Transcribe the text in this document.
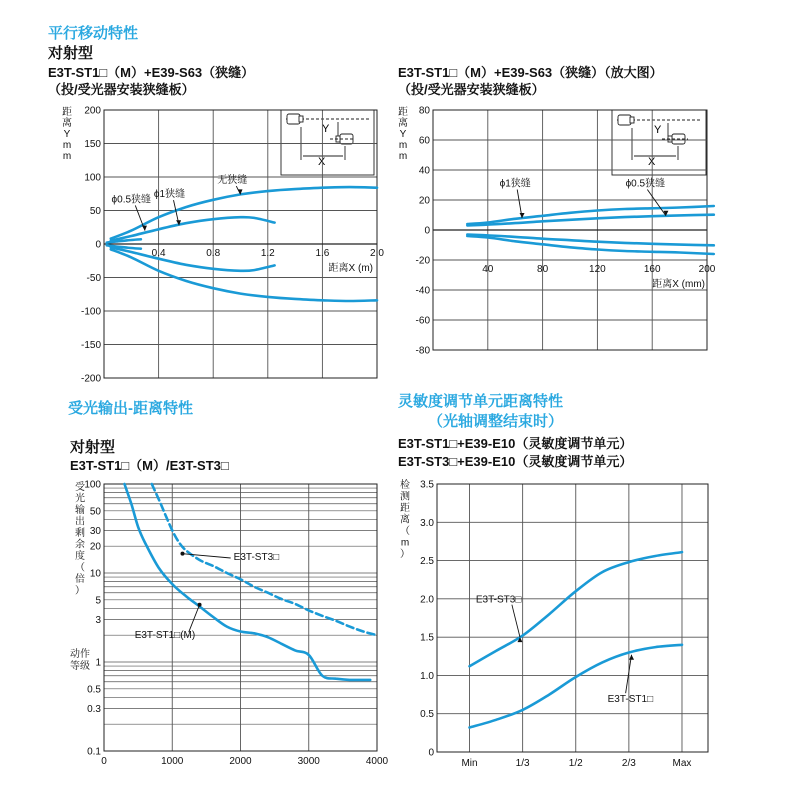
平行移动特性
对射型
E3T-ST1□（M）+E39-S63（狭缝）
（投/受光器安装狭缝板）
E3T-ST1□（M）+E39-S63（狭缝）（放大图）
（投/受光器安装狭缝板）
受光输出-距离特性
对射型
E3T-ST1□（M）/E3T-ST3□
灵敏度调节单元距离特性
（光轴调整结束时）
E3T-ST1□+E39-E10（灵敏度调节单元）
E3T-ST3□+E39-E10（灵敏度调节单元）
Y
X
Y
X
200
150
100
50
0
-50
-100
-150
-200
0.4	0.8	1.2	1.6	2.0
距离X (m)
距
离
Y
m
m
ϕ0.5狭缝 ϕ1狭缝
无狭缝
80
60
40
20
0
-20
-40
-60
-80
40	80	120	160	200
距离X (mm)
距
离
Y
m
m
ϕ1狭缝	ϕ0.5狭缝
100
50
30
20
10
5
3
1
0.5
0.3
0.1
0	1000	2000	3000	4000
受
光
输
出
剩
余
度
（
倍
）
动作
等级
E3T-ST3□
E3T-ST1□(M)
3.5
3.0
2.5
2.0
1.5
1.0
0.5
0
Min	1/3	1/2	2/3	Max
检
测
距
离
（
m
）
E3T-ST3□
E3T-ST1□
